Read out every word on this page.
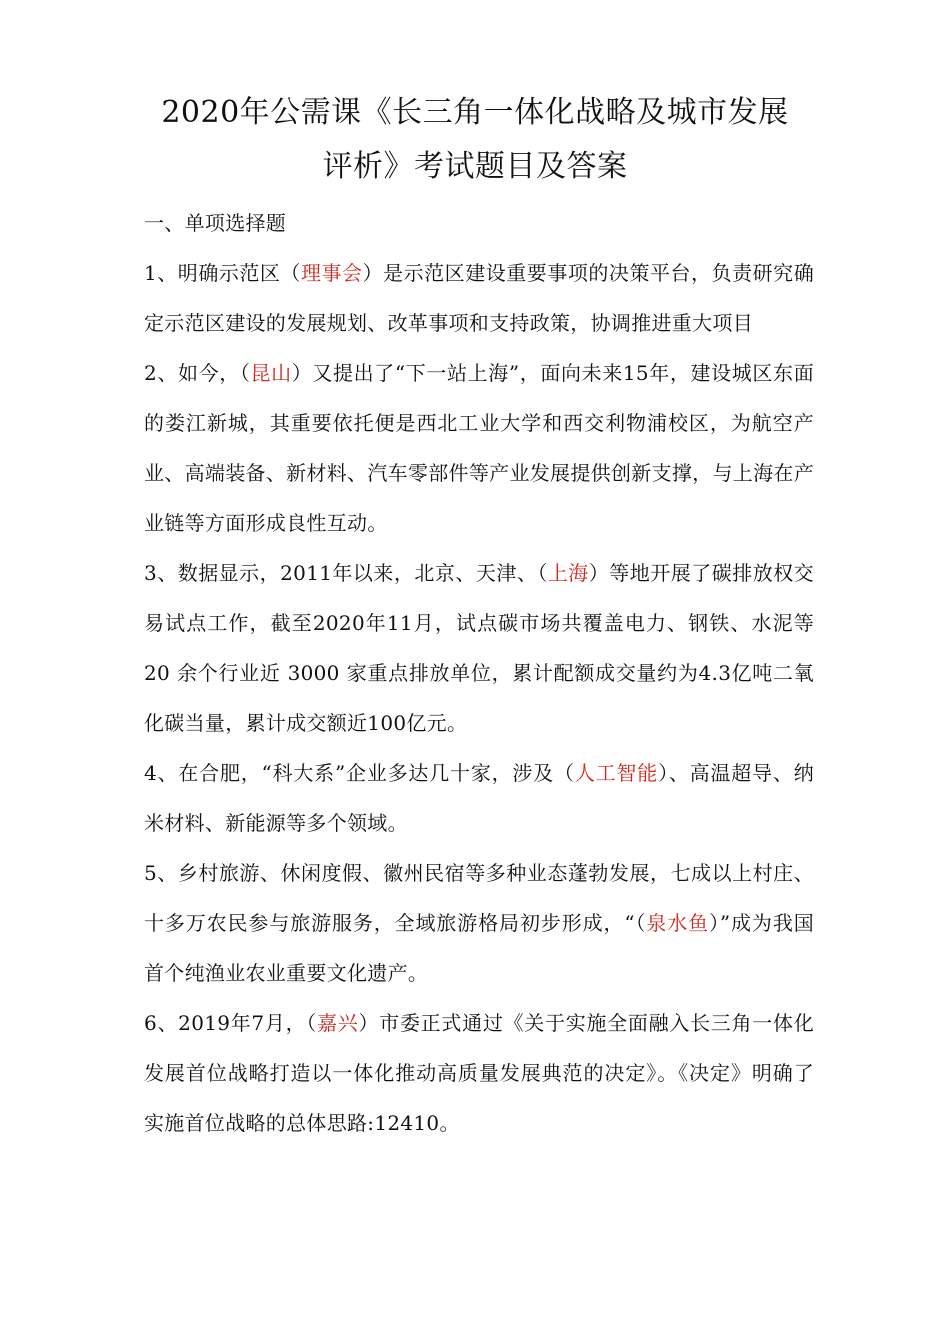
2020年公需课《长三角一体化战略及城市发展
评析》考试题目及答案
一、单项选择题

1、明确示范区（理事会）是示范区建设重要事项的决策平台，负责研究确定示范区建设的发展规划、改革事项和支持政策，协调推进重大项目

2、如今，（昆山）又提出了“下一站上海”，面向未来15年，建设城区东面的娄江新城，其重要依托便是西北工业大学和西交利物浦校区，为航空产业、高端装备、新材料、汽车零部件等产业发展提供创新支撑，与上海在产业链等方面形成良性互动。

3、数据显示，2011年以来，北京、天津、（上海）等地开展了碳排放权交易试点工作，截至2020年11月，试点碳市场共覆盖电力、钢铁、水泥等 20 余个行业近 3000 家重点排放单位，累计配额成交量约为4.3亿吨二氧化碳当量，累计成交额近100亿元。

4、在合肥，“科大系”企业多达几十家，涉及（人工智能）、高温超导、纳米材料、新能源等多个领域。

5、乡村旅游、休闲度假、徽州民宿等多种业态蓬勃发展，七成以上村庄、十多万农民参与旅游服务，全域旅游格局初步形成，“（泉水鱼）”成为我国首个纯渔业农业重要文化遗产。

6、2019年7月，（嘉兴）市委正式通过《关于实施全面融入长三角一体化发展首位战略打造以一体化推动高质量发展典范的决定》。《决定》明确了实施首位战略的总体思路:12410。
